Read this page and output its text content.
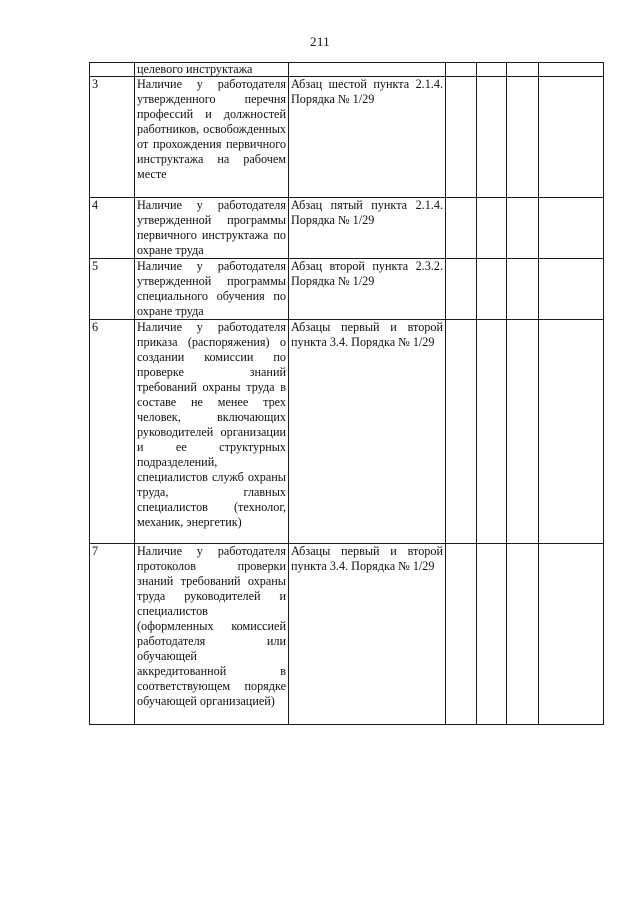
211
	целевого инструктажа					
3	Наличие у работодателя утвержденного перечня профессий и должностей работников, освобожденных от прохождения первичного инструктажа на рабочем месте	Абзац шестой пункта 2.1.4. Порядка № 1/29				
4	Наличие у работодателя утвержденной программы первичного инструктажа по охране труда	Абзац пятый пункта 2.1.4. Порядка № 1/29				
5	Наличие у работодателя утвержденной программы специального обучения по охране труда	Абзац второй пункта 2.3.2. Порядка № 1/29				
6	Наличие у работодателя приказа (распоряжения) о создании комиссии по проверке знаний требований охраны труда в составе не менее трех человек, включающих руководителей организации и ее структурных подразделений, специалистов служб охраны труда, главных специалистов (технолог, механик, энергетик)	Абзацы первый и второй пункта 3.4. Порядка № 1/29				
7	Наличие у работодателя протоколов проверки знаний требований охраны труда руководителей и специалистов (оформленных комиссией работодателя или обучающей аккредитованной в соответствующем порядке обучающей организацией)	Абзацы первый и второй пункта 3.4. Порядка № 1/29				
